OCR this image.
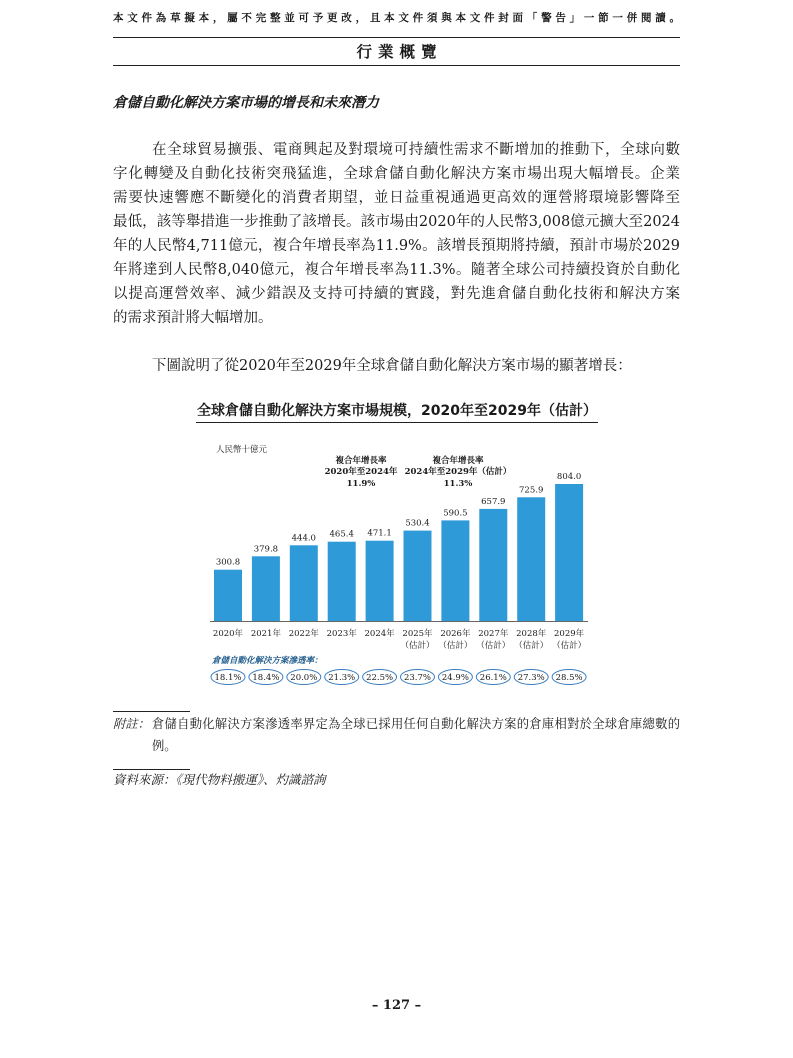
本文件為草擬本，屬不完整並可予更改，且本文件須與本文件封面「警告」一節一併閱讀。
行業概覽
倉儲自動化解決方案市場的增長和未來潛力
在全球貿易擴張、電商興起及對環境可持續性需求不斷增加的推動下，全球向數
字化轉變及自動化技術突飛猛進，全球倉儲自動化解決方案市場出現大幅增長。企業
需要快速響應不斷變化的消費者期望，並日益重視通過更高效的運營將環境影響降至
最低，該等舉措進一步推動了該增長。該市場由2020年的人民幣3,008億元擴大至2024
年的人民幣4,711億元，複合年增長率為11.9%。該增長預期將持續，預計市場於2029
年將達到人民幣8,040億元，複合年增長率為11.3%。隨著全球公司持續投資於自動化
以提高運營效率、減少錯誤及支持可持續的實踐，對先進倉儲自動化技術和解決方案
的需求預計將大幅增加。
下圖說明了從2020年至2029年全球倉儲自動化解決方案市場的顯著增長：
全球倉儲自動化解決方案市場規模，2020年至2029年（估計）
人民幣十億元
複合年增長率
2020年至2024年
11.9%
複合年增長率
2024年至2029年（估計）
11.3%
300.8
379.8
444.0 465.4 471.1
530.4
590.5
657.9
725.9
804.0
2020年 2021年 2022年 2023年 2024年 2025年
（估計）
2026年
（估計）
2027年
（估計）
2028年
（估計）
2029年
（估計）
倉儲自動化解決方案滲透率：
18.1% 18.4% 20.0% 21.3% 22.5% 23.7% 24.9% 26.1% 27.3% 28.5%
附註： 倉儲自動化解決方案滲透率界定為全球已採用任何自動化解決方案的倉庫相對於全球倉庫總數的
例。
資料來源：《現代物料搬運》、灼識諮詢
– 127 –
